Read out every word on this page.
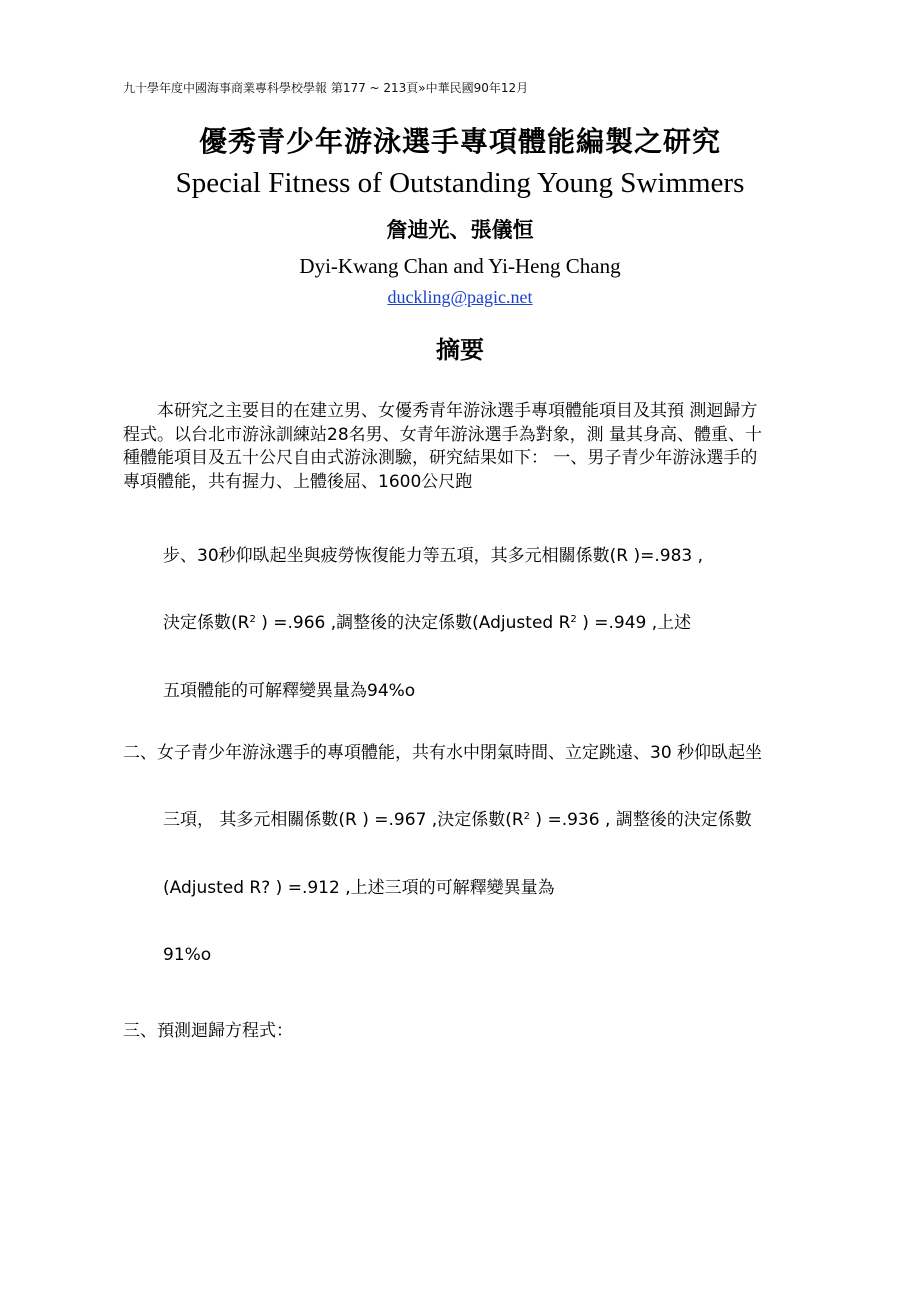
九十學年度中國海事商業專科學校學報 第177 ~ 213頁»中華民國90年12月
優秀青少年游泳選手專項體能編製之研究
Special Fitness of Outstanding Young Swimmers
詹迪光、張儀恒
Dyi-Kwang Chan and Yi-Heng Chang
duckling@pagic.net
摘要

　　本研究之主要目的在建立男、女優秀青年游泳選手專項體能項目及其預 測迴歸方

程式。以台北市游泳訓練站28名男、女青年游泳選手為對象，測 量其身高、體重、十

種體能項目及五十公尺自由式游泳測驗，研究結果如下： 一、男子青少年游泳選手的

專項體能，共有握力、上體後屈、1600公尺跑

步、30秒仰臥起坐與疲勞恢復能力等五項，其多元相關係數(R )=.983 ,
決定係數($R^2$ ) =.966 ,調整後的決定係數(Adjusted $R^2$ ) =.949 ,上述
五項體能的可解釋變異量為94%o
二、女子青少年游泳選手的專項體能，共有水中閉氣時間、立定跳遠、30 秒仰臥起坐
三項， 其多元相關係數(R ) =.967 ,決定係數($R^2$ ) =.936 , 調整後的決定係數
(Adjusted R? ) =.912 ,上述三項的可解釋變異量為
91%o
三、預測迴歸方程式：
